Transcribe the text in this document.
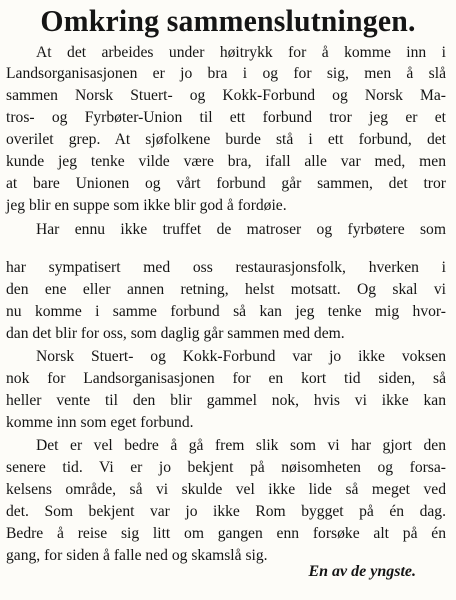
Omkring sammenslutningen.
At det arbeides under høitrykk for å komme inn i
Landsorganisasjonen er jo bra i og for sig, men å slå
sammen Norsk Stuert- og Kokk-Forbund og Norsk Ma-
tros- og Fyrbøter-Union til ett forbund tror jeg er et
overilet grep. At sjøfolkene burde stå i ett forbund, det
kunde jeg tenke vilde være bra, ifall alle var med, men
at bare Unionen og vårt forbund går sammen, det tror
jeg blir en suppe som ikke blir god å fordøie.
Har ennu ikke truffet de matroser og fyrbøtere som
har sympatisert med oss restaurasjonsfolk, hverken i
den ene eller annen retning, helst motsatt. Og skal vi
nu komme i samme forbund så kan jeg tenke mig hvor-
dan det blir for oss, som daglig går sammen med dem.
Norsk Stuert- og Kokk-Forbund var jo ikke voksen
nok for Landsorganisasjonen for en kort tid siden, så
heller vente til den blir gammel nok, hvis vi ikke kan
komme inn som eget forbund.
Det er vel bedre å gå frem slik som vi har gjort den
senere tid. Vi er jo bekjent på nøisomheten og forsa-
kelsens område, så vi skulde vel ikke lide så meget ved
det. Som bekjent var jo ikke Rom bygget på én dag.
Bedre å reise sig litt om gangen enn forsøke alt på én
gang, for siden å falle ned og skamslå sig.
En av de yngste.
